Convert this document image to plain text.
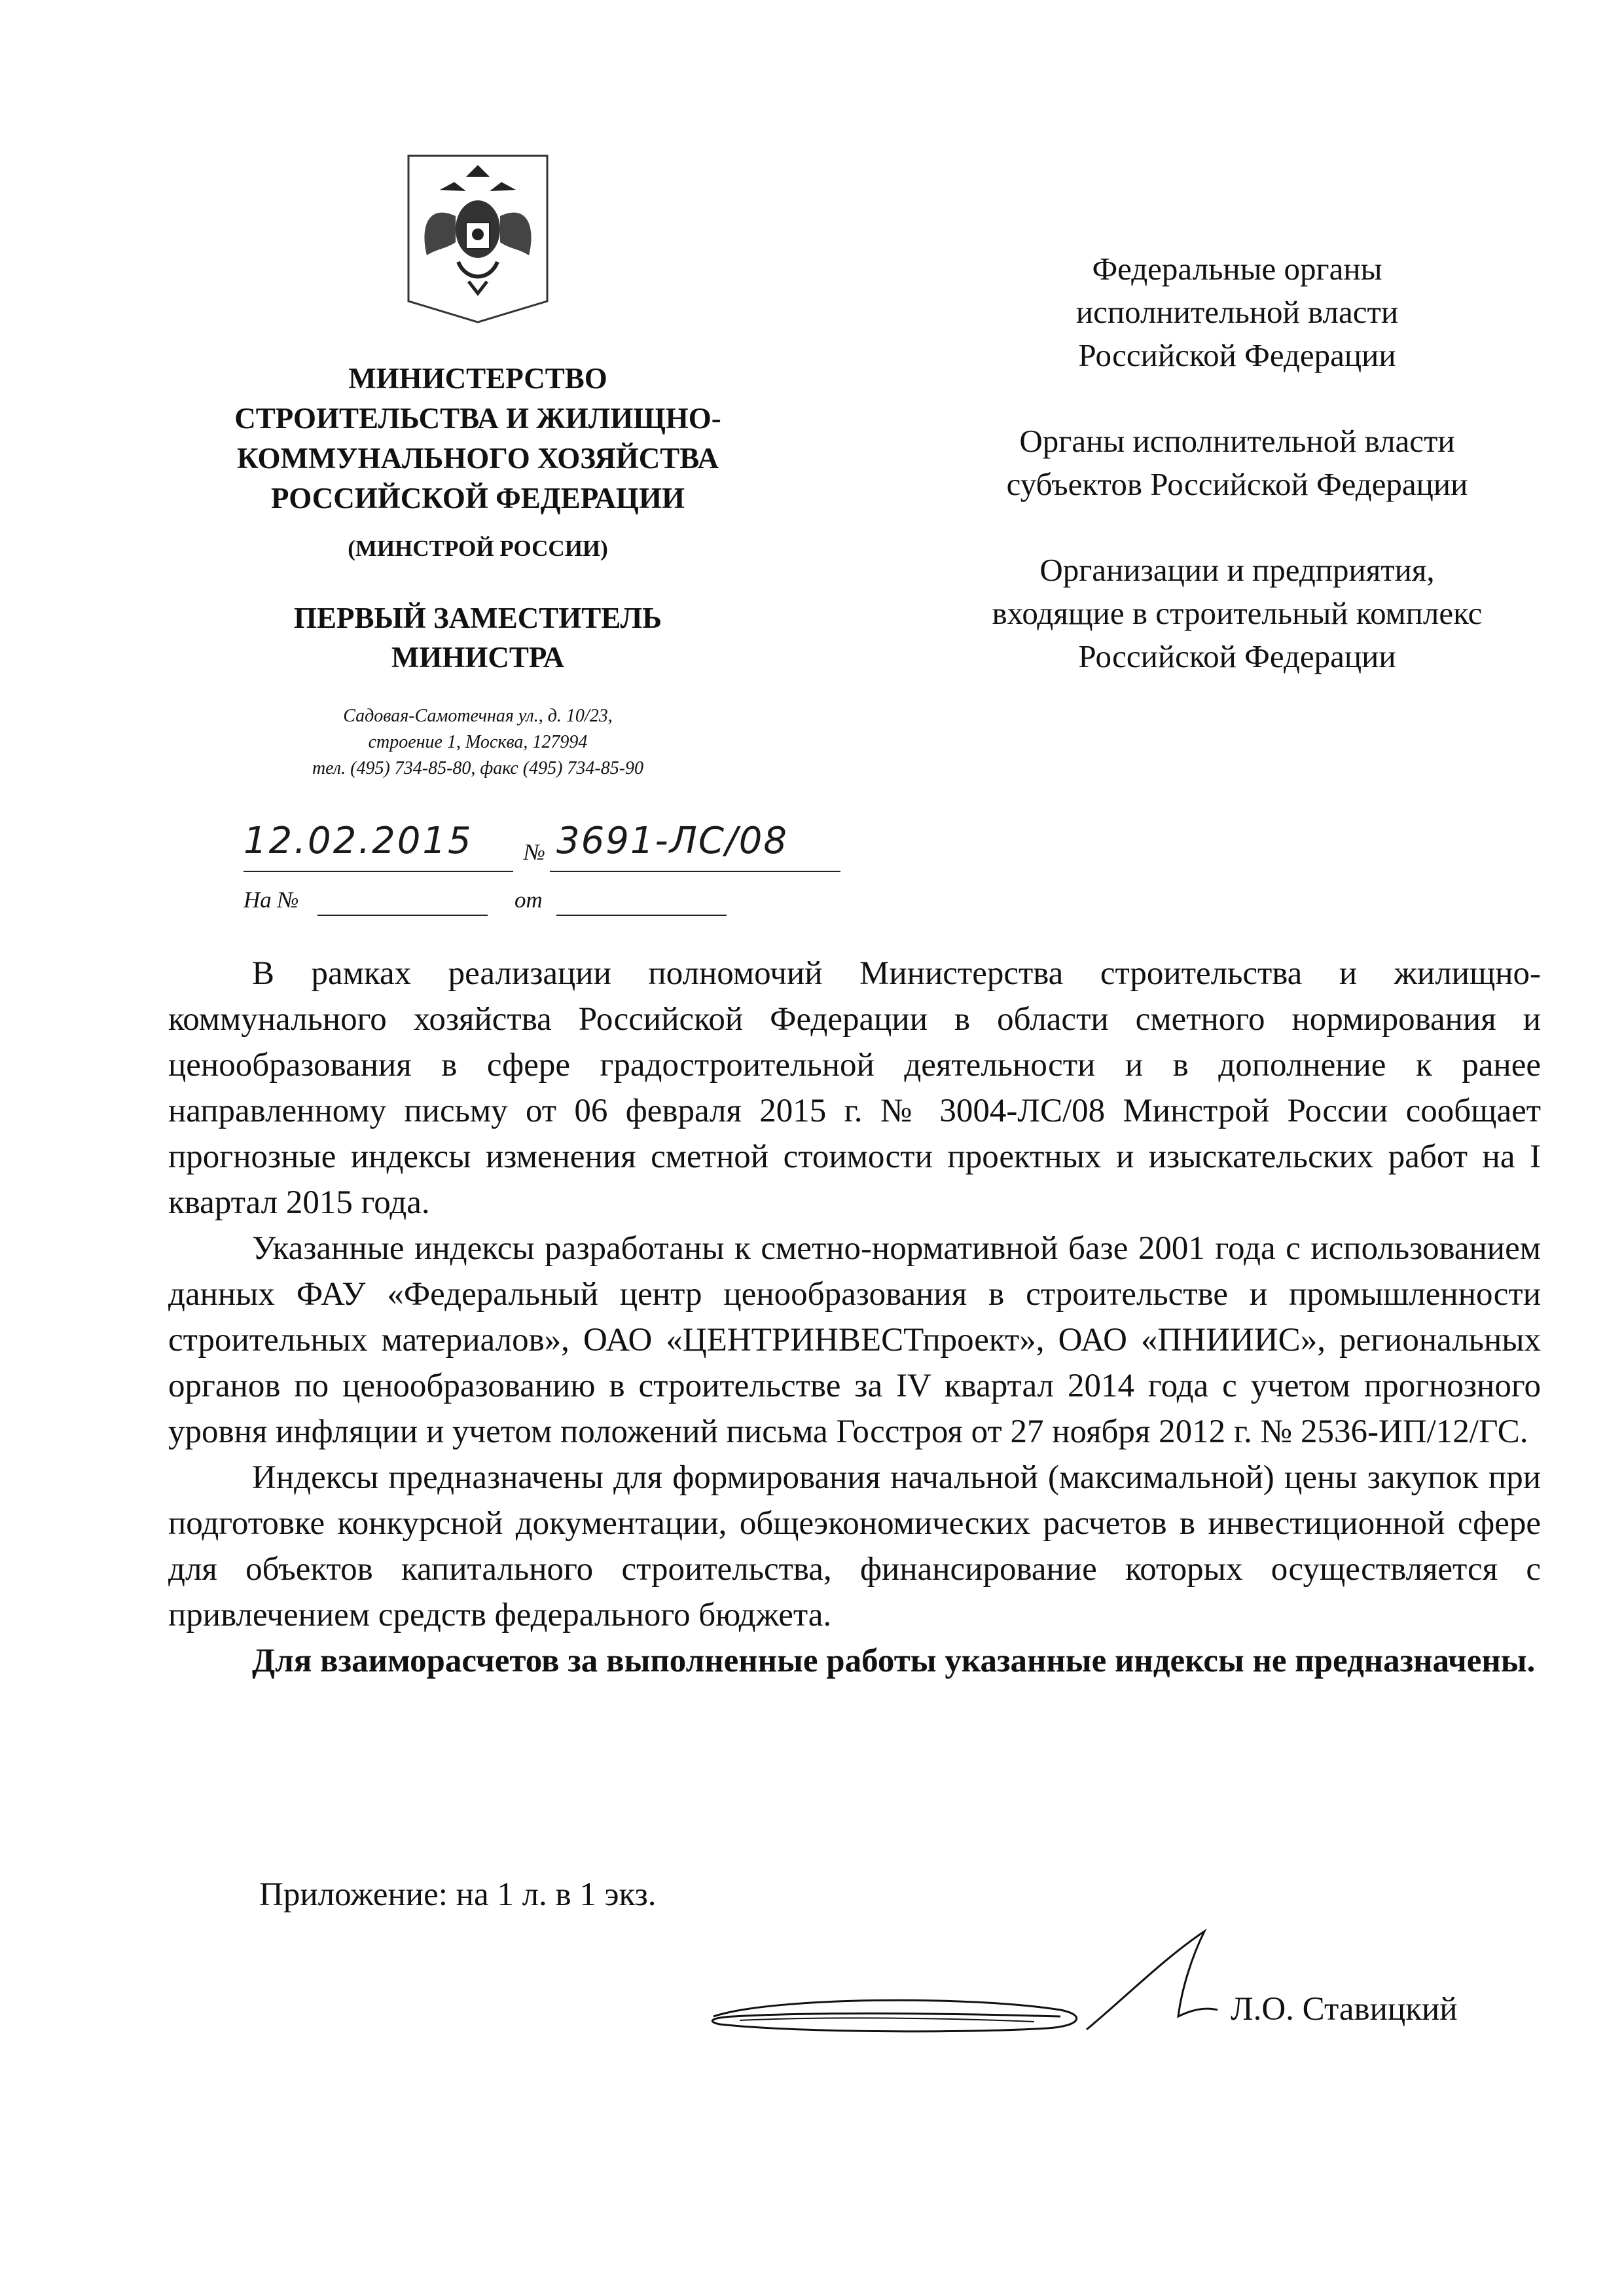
МИНИСТЕРСТВО
СТРОИТЕЛЬСТВА И ЖИЛИЩНО-
КОММУНАЛЬНОГО ХОЗЯЙСТВА
РОССИЙСКОЙ ФЕДЕРАЦИИ
(МИНСТРОЙ РОССИИ)
ПЕРВЫЙ ЗАМЕСТИТЕЛЬ
МИНИСТРА
Садовая-Самотечная ул., д. 10/23,
строение 1, Москва, 127994
тел. (495) 734-85-80, факс (495) 734-85-90
12.02.2015	№ 3691-ЛС/08
На №	от
Федеральные органы
исполнительной власти
Российской Федерации
Органы исполнительной власти
субъектов Российской Федерации
Организации и предприятия,
входящие в строительный комплекс
Российской Федерации

В рамках реализации полномочий Министерства строительства и жилищно-коммунального хозяйства Российской Федерации в области сметного нормирования и ценообразования в сфере градостроительной деятельности и в дополнение к ранее направленному письму от 06 февраля 2015 г. № 3004-ЛС/08 Минстрой России сообщает прогнозные индексы изменения сметной стоимости проектных и изыскательских работ на I квартал 2015 года.

Указанные индексы разработаны к сметно-нормативной базе 2001 года с использованием данных ФАУ «Федеральный центр ценообразования в строительстве и промышленности строительных материалов», ОАО «ЦЕНТРИНВЕСТпроект», ОАО «ПНИИИС», региональных органов по ценообразованию в строительстве за IV квартал 2014 года с учетом прогнозного уровня инфляции и учетом положений письма Госстроя от 27 ноября 2012 г. № 2536-ИП/12/ГС.

Индексы предназначены для формирования начальной (максимальной) цены закупок при подготовке конкурсной документации, общеэкономических расчетов в инвестиционной сфере для объектов капитального строительства, финансирование которых осуществляется с привлечением средств федерального бюджета.

Для взаиморасчетов за выполненные работы указанные индексы не предназначены.

Приложение: на 1 л. в 1 экз.
Л.О. Ставицкий
